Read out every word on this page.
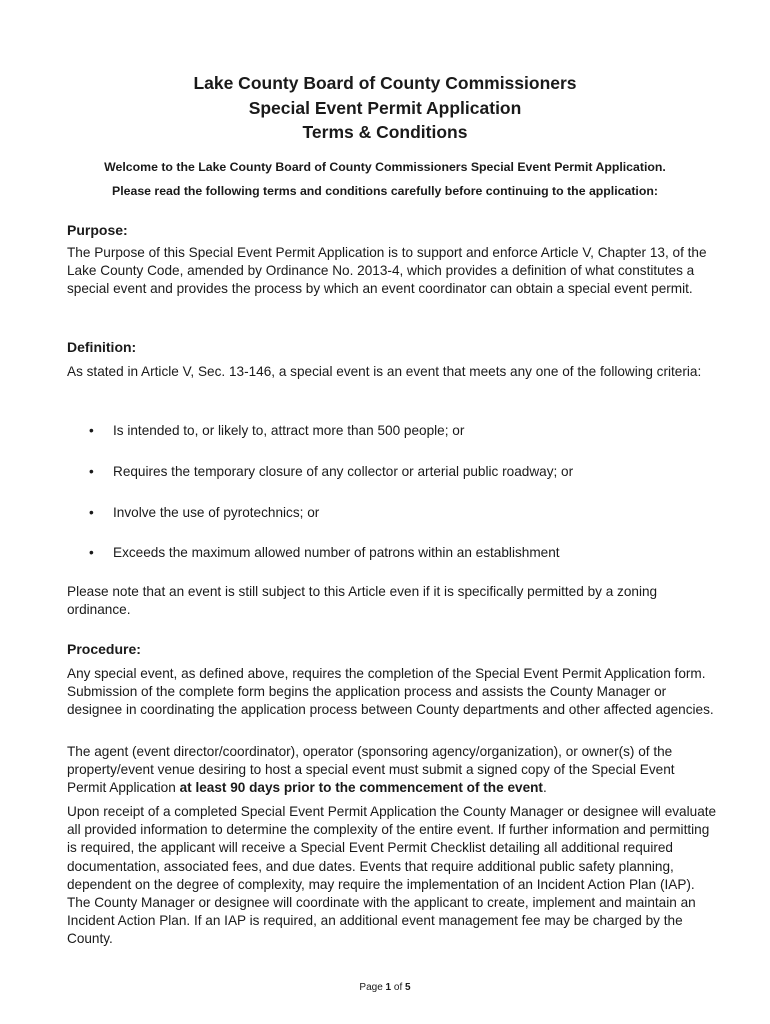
Lake County Board of County Commissioners
Special Event Permit Application
Terms & Conditions
Welcome to the Lake County Board of County Commissioners Special Event Permit Application.
Please read the following terms and conditions carefully before continuing to the application:
Purpose:
The Purpose of this Special Event Permit Application is to support and enforce Article V, Chapter 13, of the Lake County Code, amended by Ordinance No. 2013-4, which provides a definition of what constitutes a special event and provides the process by which an event coordinator can obtain a special event permit.
Definition:
As stated in Article V, Sec. 13-146, a special event is an event that meets any one of the following criteria:
• Is intended to, or likely to, attract more than 500 people; or
• Requires the temporary closure of any collector or arterial public roadway; or
• Involve the use of pyrotechnics; or
• Exceeds the maximum allowed number of patrons within an establishment
Please note that an event is still subject to this Article even if it is specifically permitted by a zoning ordinance.
Procedure:
Any special event, as defined above, requires the completion of the Special Event Permit Application form. Submission of the complete form begins the application process and assists the County Manager or designee in coordinating the application process between County departments and other affected agencies.
The agent (event director/coordinator), operator (sponsoring agency/organization), or owner(s) of the property/event venue desiring to host a special event must submit a signed copy of the Special Event Permit Application at least 90 days prior to the commencement of the event.
Upon receipt of a completed Special Event Permit Application the County Manager or designee will evaluate all provided information to determine the complexity of the entire event. If further information and permitting is required, the applicant will receive a Special Event Permit Checklist detailing all additional required documentation, associated fees, and due dates. Events that require additional public safety planning, dependent on the degree of complexity, may require the implementation of an Incident Action Plan (IAP). The County Manager or designee will coordinate with the applicant to create, implement and maintain an Incident Action Plan. If an IAP is required, an additional event management fee may be charged by the County.
Page 1 of 5
